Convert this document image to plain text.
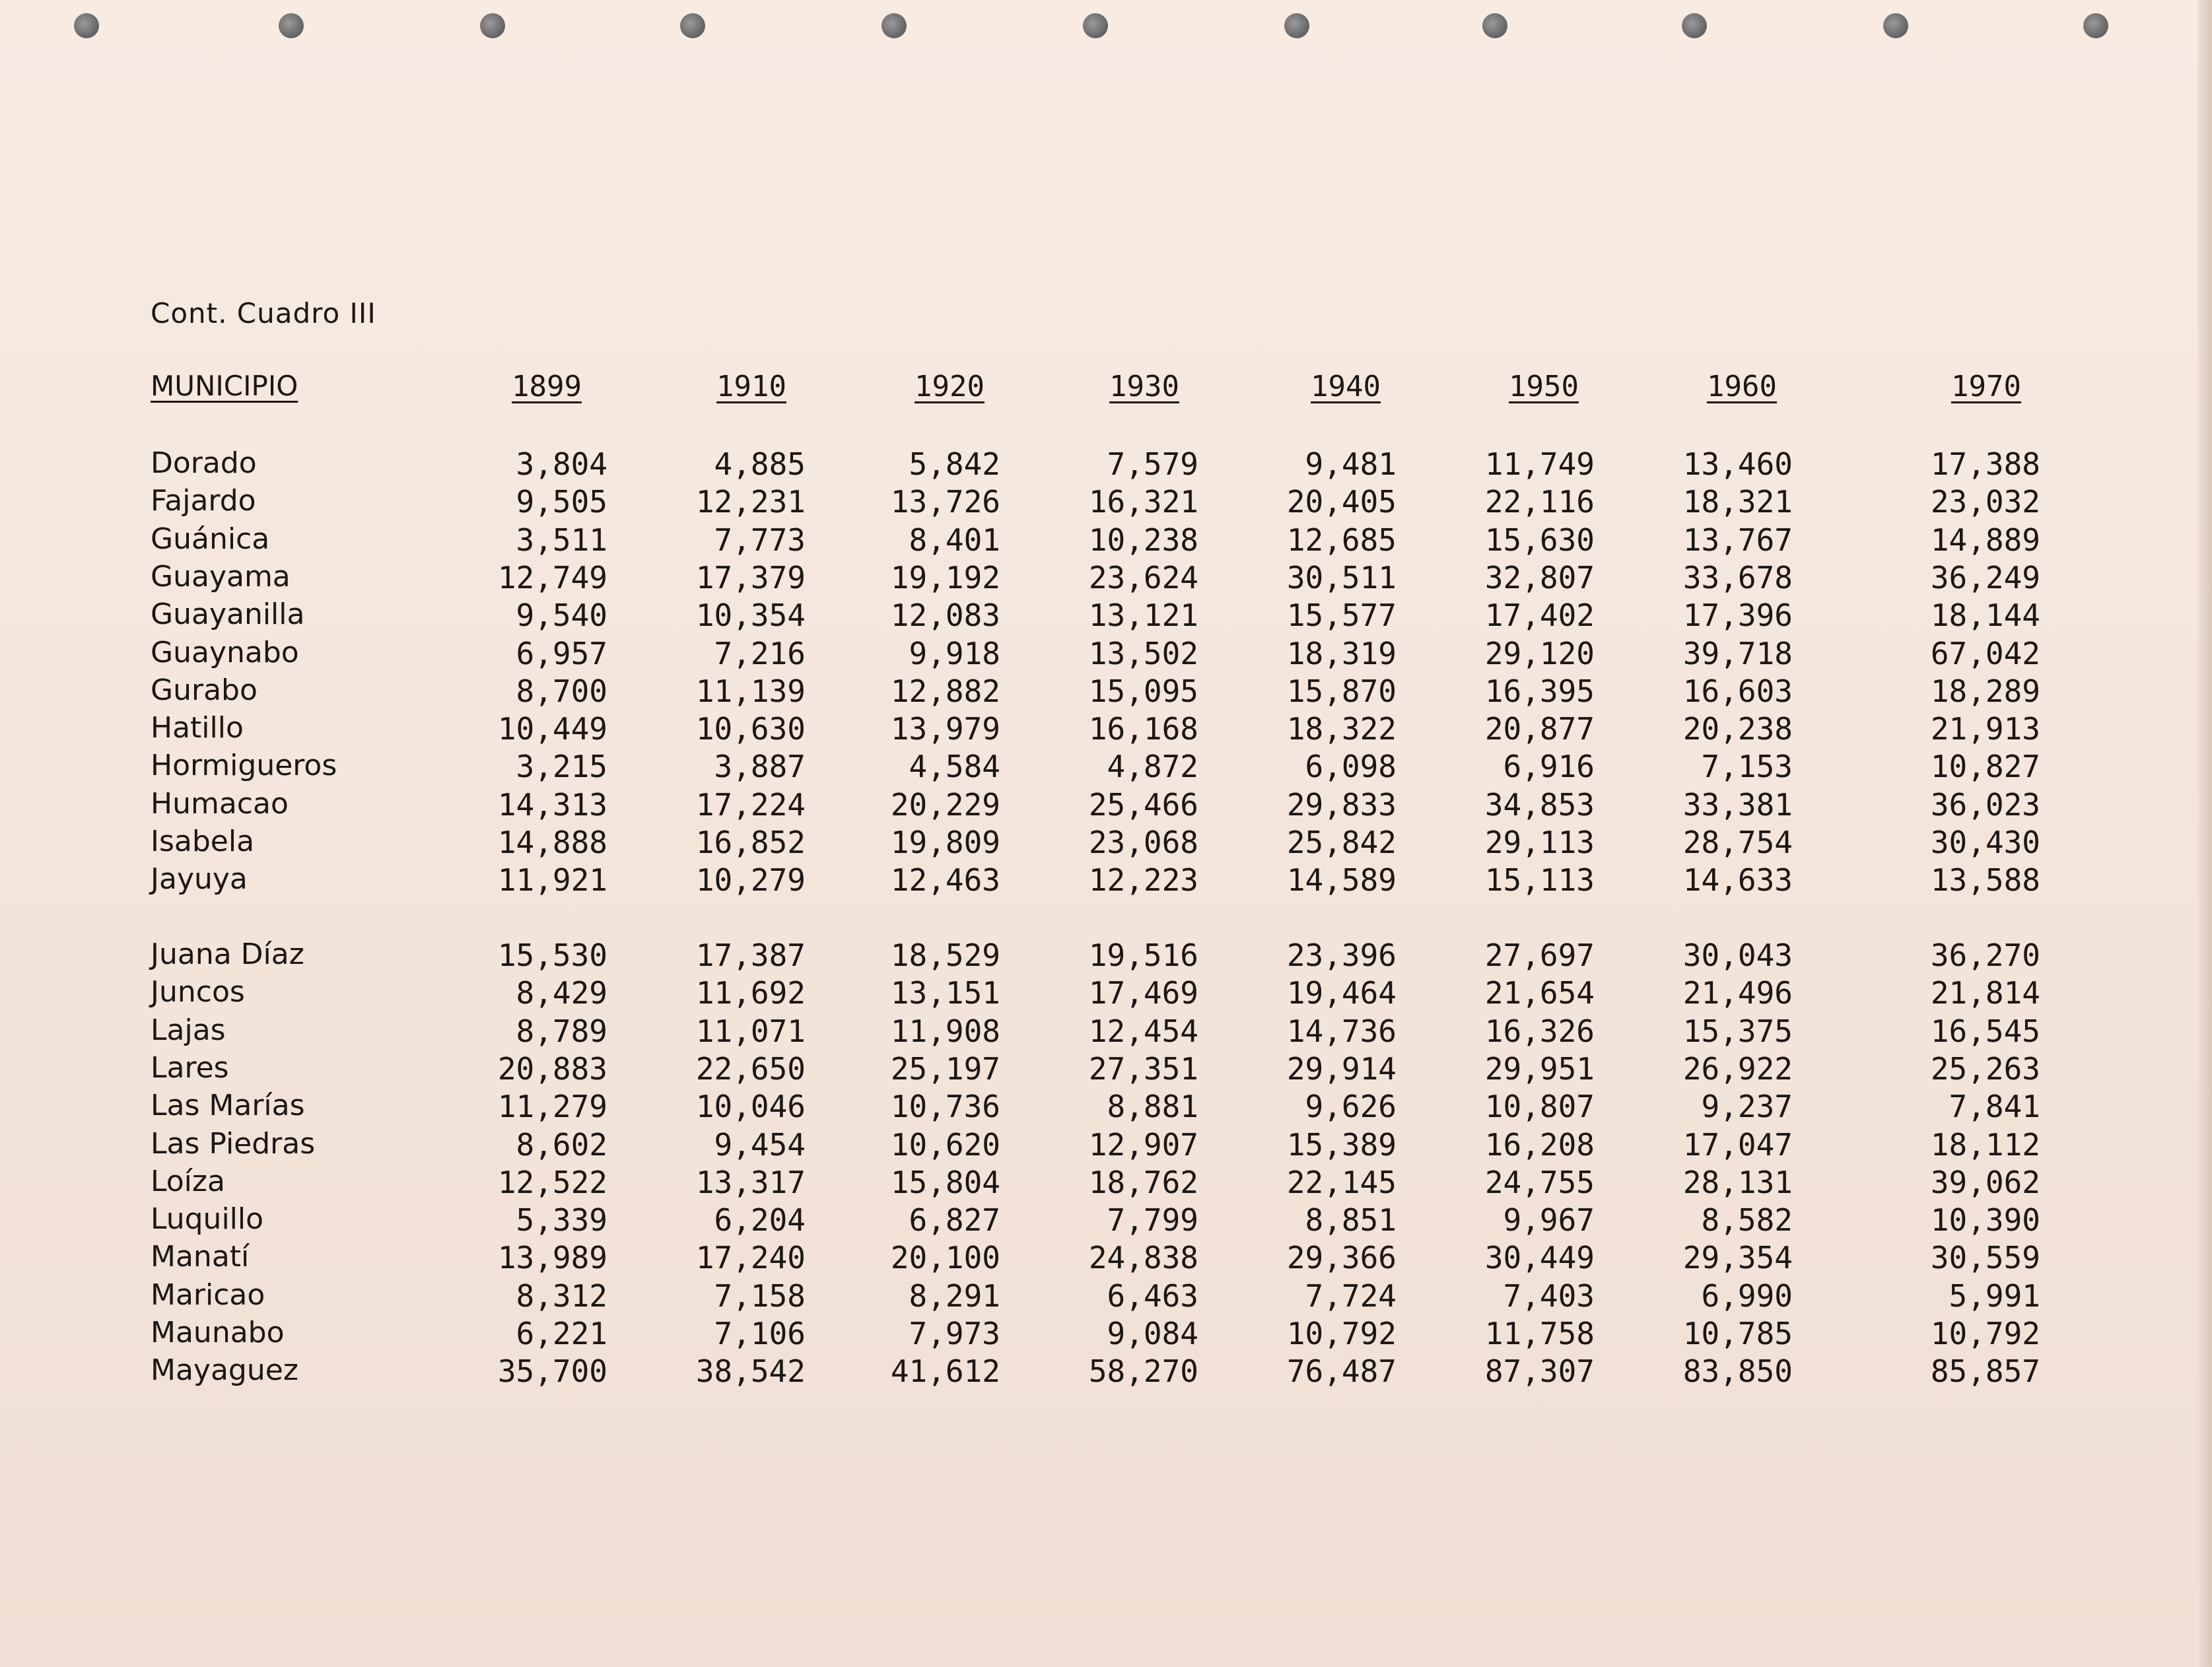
Cont. Cuadro III
MUNICIPIO	1899	1910	1920	1930	1940	1950	1960	1970
Dorado	3,804	4,885	5,842	7,579	9,481	11,749	13,460	17,388
Fajardo	9,505	12,231	13,726	16,321	20,405	22,116	18,321	23,032
Guánica	3,511	7,773	8,401	10,238	12,685	15,630	13,767	14,889
Guayama	12,749	17,379	19,192	23,624	30,511	32,807	33,678	36,249
Guayanilla	9,540	10,354	12,083	13,121	15,577	17,402	17,396	18,144
Guaynabo	6,957	7,216	9,918	13,502	18,319	29,120	39,718	67,042
Gurabo	8,700	11,139	12,882	15,095	15,870	16,395	16,603	18,289
Hatillo	10,449	10,630	13,979	16,168	18,322	20,877	20,238	21,913
Hormigueros	3,215	3,887	4,584	4,872	6,098	6,916	7,153	10,827
Humacao	14,313	17,224	20,229	25,466	29,833	34,853	33,381	36,023
Isabela	14,888	16,852	19,809	23,068	25,842	29,113	28,754	30,430
Jayuya	11,921	10,279	12,463	12,223	14,589	15,113	14,633	13,588
Juana Díaz	15,530	17,387	18,529	19,516	23,396	27,697	30,043	36,270
Juncos	8,429	11,692	13,151	17,469	19,464	21,654	21,496	21,814
Lajas	8,789	11,071	11,908	12,454	14,736	16,326	15,375	16,545
Lares	20,883	22,650	25,197	27,351	29,914	29,951	26,922	25,263
Las Marías	11,279	10,046	10,736	8,881	9,626	10,807	9,237	7,841
Las Piedras	8,602	9,454	10,620	12,907	15,389	16,208	17,047	18,112
Loíza	12,522	13,317	15,804	18,762	22,145	24,755	28,131	39,062
Luquillo	5,339	6,204	6,827	7,799	8,851	9,967	8,582	10,390
Manatí	13,989	17,240	20,100	24,838	29,366	30,449	29,354	30,559
Maricao	8,312	7,158	8,291	6,463	7,724	7,403	6,990	5,991
Maunabo	6,221	7,106	7,973	9,084	10,792	11,758	10,785	10,792
Mayaguez	35,700	38,542	41,612	58,270	76,487	87,307	83,850	85,857
